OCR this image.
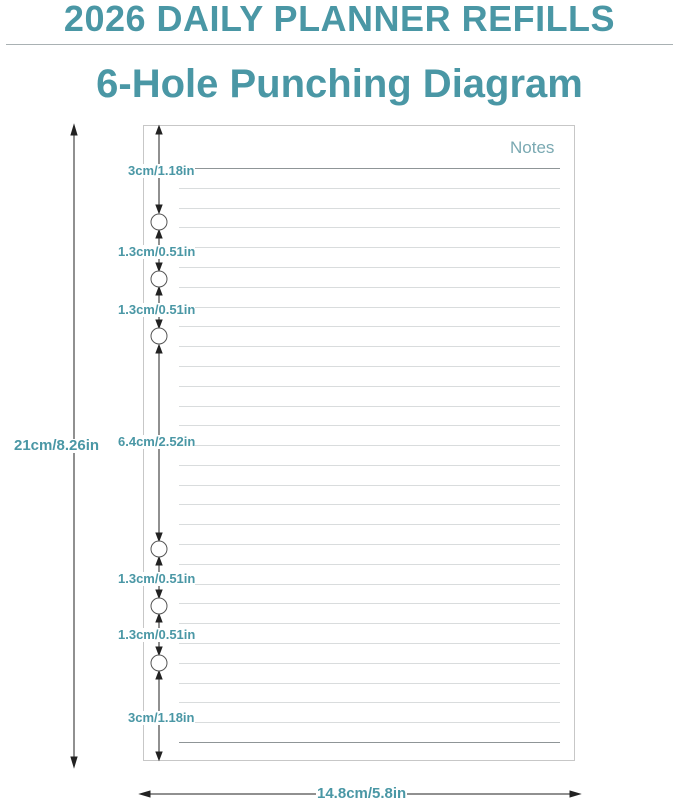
2026 DAILY PLANNER REFILLS
6-Hole Punching Diagram
Notes
3cm/1.18in
1.3cm/0.51in
1.3cm/0.51in
6.4cm/2.52in
1.3cm/0.51in
1.3cm/0.51in
3cm/1.18in
21cm/8.26in
14.8cm/5.8in
